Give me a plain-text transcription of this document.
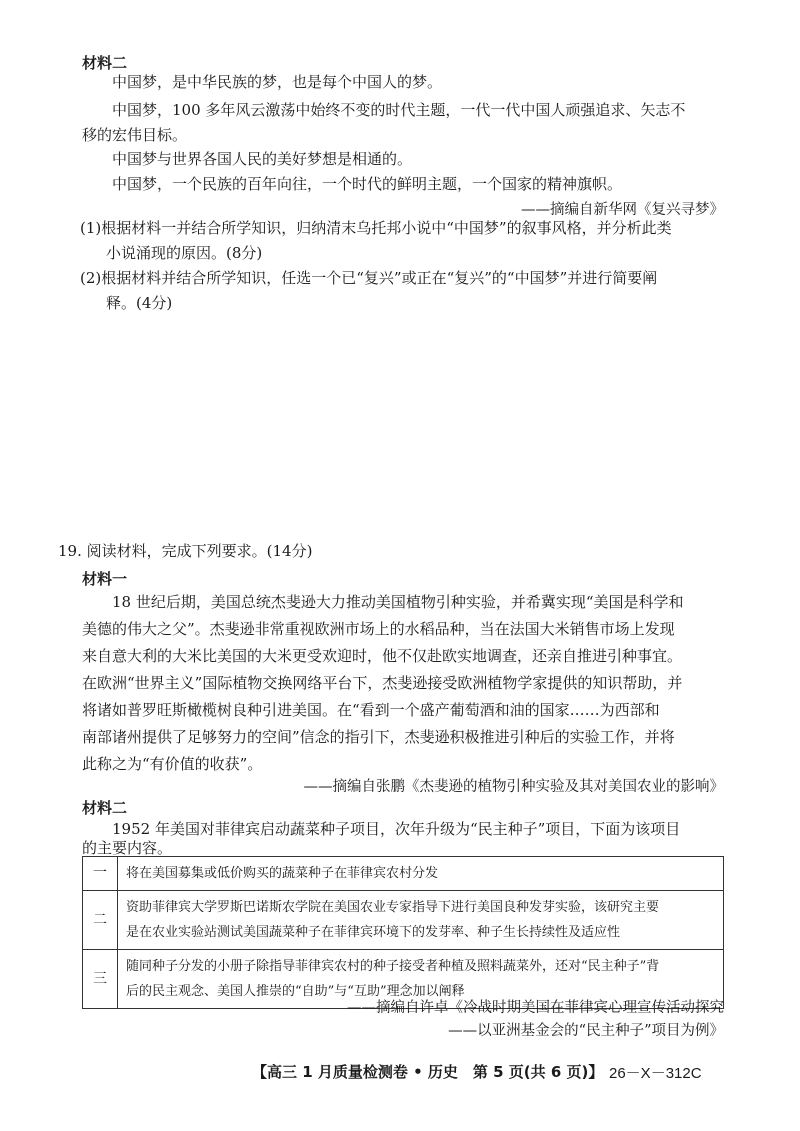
材料二
中国梦，是中华民族的梦，也是每个中国人的梦。
中国梦，100 多年风云激荡中始终不变的时代主题，一代一代中国人顽强追求、矢志不
移的宏伟目标。
中国梦与世界各国人民的美好梦想是相通的。
中国梦，一个民族的百年向往，一个时代的鲜明主题，一个国家的精神旗帜。
——摘编自新华网《复兴寻梦》
(1)根据材料一并结合所学知识，归纳清末乌托邦小说中“中国梦”的叙事风格，并分析此类
小说涌现的原因。(8分)
(2)根据材料并结合所学知识，任选一个已“复兴”或正在“复兴”的“中国梦”并进行简要阐
释。(4分)
19. 阅读材料，完成下列要求。(14分)
材料一
18 世纪后期，美国总统杰斐逊大力推动美国植物引种实验，并希冀实现“美国是科学和
美德的伟大之父”。杰斐逊非常重视欧洲市场上的水稻品种，当在法国大米销售市场上发现
来自意大利的大米比美国的大米更受欢迎时，他不仅赴欧实地调查，还亲自推进引种事宜。
在欧洲“世界主义”国际植物交换网络平台下，杰斐逊接受欧洲植物学家提供的知识帮助，并
将诸如普罗旺斯橄榄树良种引进美国。在“看到一个盛产葡萄酒和油的国家……为西部和
南部诸州提供了足够努力的空间”信念的指引下，杰斐逊积极推进引种后的实验工作，并将
此称之为“有价值的收获”。
——摘编自张鹏《杰斐逊的植物引种实验及其对美国农业的影响》
材料二
1952 年美国对菲律宾启动蔬菜种子项目，次年升级为“民主种子”项目，下面为该项目
的主要内容。
一	将在美国募集或低价购买的蔬菜种子在菲律宾农村分发

二	资助菲律宾大学罗斯巴诺斯农学院在美国农业专家指导下进行美国良种发芽实验，该研究主要
是在农业实验站测试美国蔬菜种子在菲律宾环境下的发芽率、种子生长持续性及适应性

三	随同种子分发的小册子除指导菲律宾农村的种子接受者种植及照料蔬菜外，还对“民主种子”背
后的民主观念、美国人推崇的“自助”与“互助”理念加以阐释
——摘编自许卓《冷战时期美国在菲律宾心理宣传活动探究
——以亚洲基金会的“民主种子”项目为例》
【高三 1 月质量检测卷 • 历史　第 5 页(共 6 页)】 26－X－312C
